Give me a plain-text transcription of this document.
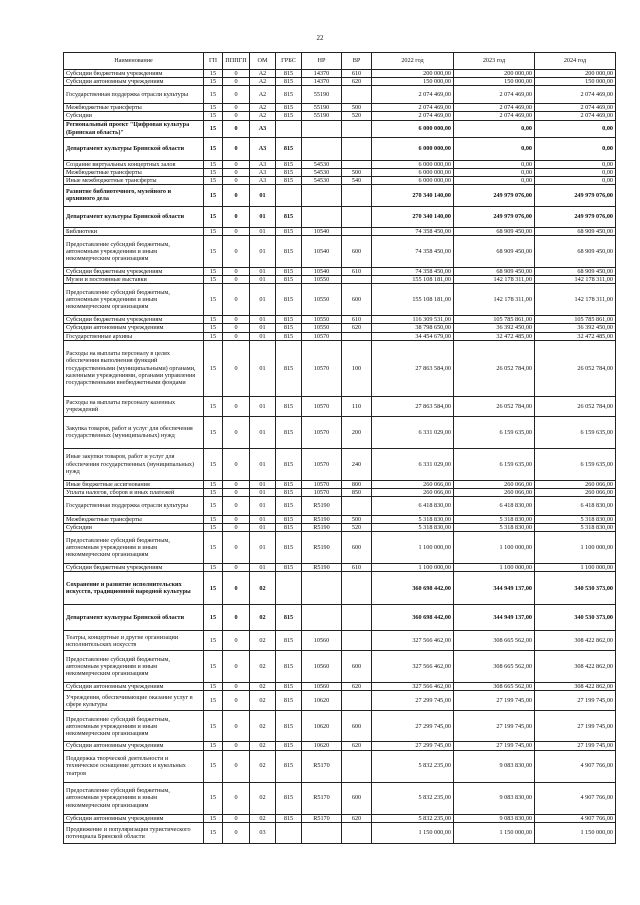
22
Наименование	ГП	ПППГП	ОМ	ГРБС	НР	ВР	2022 год	2023 год	2024 год
Субсидии бюджетным учреждениям	15	0	А2	815	14370	610	200 000,00	200 000,00	200 000,00
Субсидии автономным учреждениям	15	0	А2	815	14370	620	150 000,00	150 000,00	150 000,00
Государственная поддержка отрасли культуры	15	0	А2	815	55190		2 074 469,00	2 074 469,00	2 074 469,00
Межбюджетные трансферты	15	0	А2	815	55190	500	2 074 469,00	2 074 469,00	2 074 469,00
Субсидии	15	0	А2	815	55190	520	2 074 469,00	2 074 469,00	2 074 469,00
Региональный проект "Цифровая культура (Брянская область)"	15	0	А3				6 000 000,00	0,00	0,00
Департамент культуры Брянской области	15	0	А3	815			6 000 000,00	0,00	0,00
Создание виртуальных концертных залов	15	0	А3	815	54530		6 000 000,00	0,00	0,00
Межбюджетные трансферты	15	0	А3	815	54530	500	6 000 000,00	0,00	0,00
Иные межбюджетные трансферты	15	0	А3	815	54530	540	6 000 000,00	0,00	0,00
Развитие библиотечного, музейного и архивного дела	15	0	01				270 340 140,00	249 979 076,00	249 979 076,00
Департамент культуры Брянской области	15	0	01	815			270 340 140,00	249 979 076,00	249 979 076,00
Библиотеки	15	0	01	815	10540		74 358 450,00	68 909 450,00	68 909 450,00
Предоставление субсидий бюджетным, автономным учреждениям и иным некоммерческим организациям	15	0	01	815	10540	600	74 358 450,00	68 909 450,00	68 909 450,00
Субсидии бюджетным учреждениям	15	0	01	815	10540	610	74 358 450,00	68 909 450,00	68 909 450,00
Музеи и постоянные выставки	15	0	01	815	10550		155 108 181,00	142 178 311,00	142 178 311,00
Предоставление субсидий бюджетным, автономным учреждениям и иным некоммерческим организациям	15	0	01	815	10550	600	155 108 181,00	142 178 311,00	142 178 311,00
Субсидии бюджетным учреждениям	15	0	01	815	10550	610	116 309 531,00	105 785 861,00	105 785 861,00
Субсидии автономным учреждениям	15	0	01	815	10550	620	38 798 650,00	36 392 450,00	36 392 450,00
Государственные архивы	15	0	01	815	10570		34 454 679,00	32 472 485,00	32 472 485,00
Расходы на выплаты персоналу в целях обеспечения выполнения функций государственными (муниципальными) органами, казенными учреждениями, органами управления государственными внебюджетными фондами	15	0	01	815	10570	100	27 863 584,00	26 052 784,00	26 052 784,00
Расходы на выплаты персоналу казенных учреждений	15	0	01	815	10570	110	27 863 584,00	26 052 784,00	26 052 784,00
Закупка товаров, работ и услуг для обеспечения государственных (муниципальных) нужд	15	0	01	815	10570	200	6 331 029,00	6 159 635,00	6 159 635,00
Иные закупки товаров, работ и услуг для обеспечения государственных (муниципальных) нужд	15	0	01	815	10570	240	6 331 029,00	6 159 635,00	6 159 635,00
Иные бюджетные ассигнования	15	0	01	815	10570	800	260 066,00	260 066,00	260 066,00
Уплата налогов, сборов и иных платежей	15	0	01	815	10570	850	260 066,00	260 066,00	260 066,00
Государственная поддержка отрасли культуры	15	0	01	815	R5190		6 418 830,00	6 418 830,00	6 418 830,00
Межбюджетные трансферты	15	0	01	815	R5190	500	5 318 830,00	5 318 830,00	5 318 830,00
Субсидии	15	0	01	815	R5190	520	5 318 830,00	5 318 830,00	5 318 830,00
Предоставление субсидий бюджетным, автономным учреждениям и иным некоммерческим организациям	15	0	01	815	R5190	600	1 100 000,00	1 100 000,00	1 100 000,00
Субсидии бюджетным учреждениям	15	0	01	815	R5190	610	1 100 000,00	1 100 000,00	1 100 000,00
Сохранение и развитие исполнительских искусств, традиционной народной культуры	15	0	02				360 698 442,00	344 949 137,00	340 530 373,00
Департамент культуры Брянской области	15	0	02	815			360 698 442,00	344 949 137,00	340 530 373,00
Театры, концертные и другие организации исполнительских искусств	15	0	02	815	10560		327 566 462,00	308 665 562,00	308 422 862,00
Предоставление субсидий бюджетным, автономным учреждениям и иным некоммерческим организациям	15	0	02	815	10560	600	327 566 462,00	308 665 562,00	308 422 862,00
Субсидии автономным учреждениям	15	0	02	815	10560	620	327 566 462,00	308 665 562,00	308 422 862,00
Учреждения, обеспечивающие оказание услуг в сфере культуры	15	0	02	815	10620		27 299 745,00	27 199 745,00	27 199 745,00
Предоставление субсидий бюджетным, автономным учреждениям и иным некоммерческим организациям	15	0	02	815	10620	600	27 299 745,00	27 199 745,00	27 199 745,00
Субсидии автономным учреждениям	15	0	02	815	10620	620	27 299 745,00	27 199 745,00	27 199 745,00
Поддержка творческой деятельности и техническое оснащение детских и кукольных театров	15	0	02	815	R5170		5 832 235,00	9 083 830,00	4 907 766,00
Предоставление субсидий бюджетным, автономным учреждениям и иным некоммерческим организациям	15	0	02	815	R5170	600	5 832 235,00	9 083 830,00	4 907 766,00
Субсидии автономным учреждениям	15	0	02	815	R5170	620	5 832 235,00	9 083 830,00	4 907 766,00
Продвижение и популяризация туристического потенциала Брянской области	15	0	03				1 150 000,00	1 150 000,00	1 150 000,00
